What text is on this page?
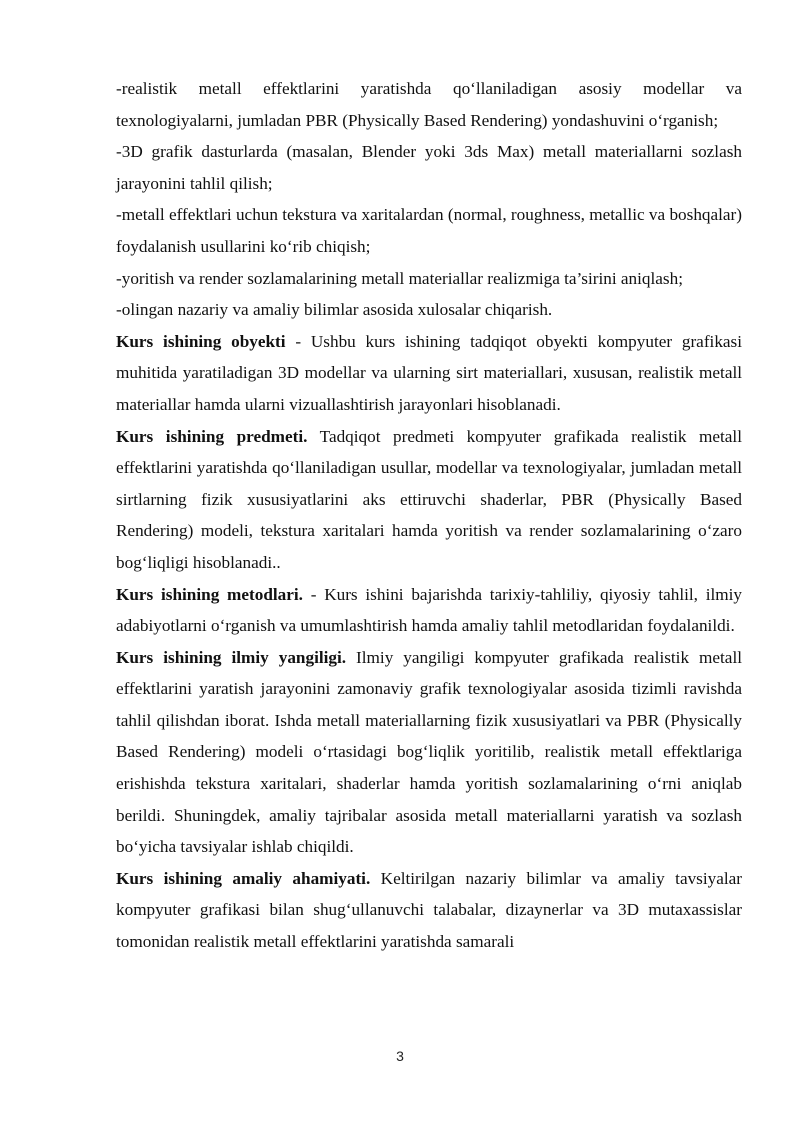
-realistik metall effektlarini yaratishda qo‘llaniladigan asosiy modellar va texnologiyalarni, jumladan PBR (Physically Based Rendering) yondashuvini o‘rganish;

-3D grafik dasturlarda (masalan, Blender yoki 3ds Max) metall materiallarni sozlash jarayonini tahlil qilish;

-metall effektlari uchun tekstura va xaritalardan (normal, roughness, metallic va boshqalar) foydalanish usullarini ko‘rib chiqish;

-yoritish va render sozlamalarining metall materiallar realizmiga ta’sirini aniqlash;

-olingan nazariy va amaliy bilimlar asosida xulosalar chiqarish.

Kurs ishining obyekti - Ushbu kurs ishining tadqiqot obyekti kompyuter grafikasi muhitida yaratiladigan 3D modellar va ularning sirt materiallari, xususan, realistik metall materiallar hamda ularni vizuallashtirish jarayonlari hisoblanadi.

Kurs ishining predmeti. Tadqiqot predmeti kompyuter grafikada realistik metall effektlarini yaratishda qo‘llaniladigan usullar, modellar va texnologiyalar, jumladan metall sirtlarning fizik xususiyatlarini aks ettiruvchi shaderlar, PBR (Physically Based Rendering) modeli, tekstura xaritalari hamda yoritish va render sozlamalarining o‘zaro bog‘liqligi hisoblanadi..

Kurs ishining metodlari. - Kurs ishini bajarishda tarixiy-tahliliy, qiyosiy tahlil, ilmiy adabiyotlarni o‘rganish va umumlashtirish hamda amaliy tahlil metodlaridan foydalanildi.

Kurs ishining ilmiy yangiligi. Ilmiy yangiligi kompyuter grafikada realistik metall effektlarini yaratish jarayonini zamonaviy grafik texnologiyalar asosida tizimli ravishda tahlil qilishdan iborat. Ishda metall materiallarning fizik xususiyatlari va PBR (Physically Based Rendering) modeli o‘rtasidagi bog‘liqlik yoritilib, realistik metall effektlariga erishishda tekstura xaritalari, shaderlar hamda yoritish sozlamalarining o‘rni aniqlab berildi. Shuningdek, amaliy tajribalar asosida metall materiallarni yaratish va sozlash bo‘yicha tavsiyalar ishlab chiqildi.

Kurs ishining amaliy ahamiyati. Keltirilgan nazariy bilimlar va amaliy tavsiyalar kompyuter grafikasi bilan shug‘ullanuvchi talabalar, dizaynerlar va 3D mutaxassislar tomonidan realistik metall effektlarini yaratishda samarali

3
